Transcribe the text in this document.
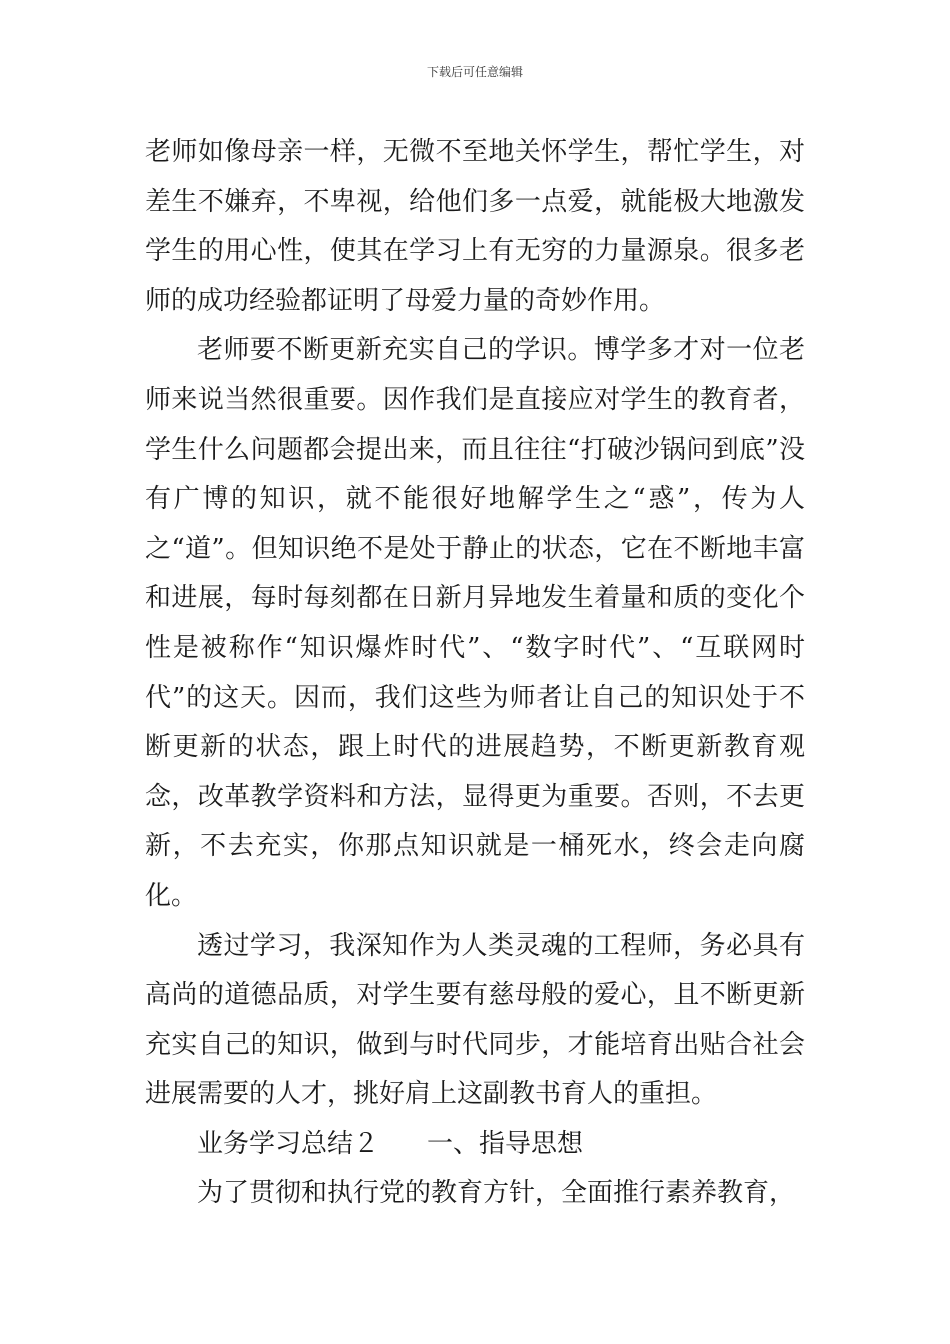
下载后可任意编辑

老师如像母亲一样，无微不至地关怀学生，帮忙学生，对差生不嫌弃，不卑视，给他们多一点爱，就能极大地激发学生的用心性，使其在学习上有无穷的力量源泉。很多老师的成功经验都证明了母爱力量的奇妙作用。

老师要不断更新充实自己的学识。博学多才对一位老师来说当然很重要。因作我们是直接应对学生的教育者，学生什么问题都会提出来，而且往往“打破沙锅问到底”没有广博的知识，就不能很好地解学生之“惑”，传为人之“道”。但知识绝不是处于静止的状态，它在不断地丰富和进展，每时每刻都在日新月异地发生着量和质的变化个性是被称作“知识爆炸时代”、“数字时代”、“互联网时代”的这天。因而，我们这些为师者让自己的知识处于不断更新的状态，跟上时代的进展趋势，不断更新教育观念，改革教学资料和方法，显得更为重要。否则，不去更新，不去充实，你那点知识就是一桶死水，终会走向腐化。

透过学习，我深知作为人类灵魂的工程师，务必具有高尚的道德品质，对学生要有慈母般的爱心，且不断更新充实自己的知识，做到与时代同步，才能培育出贴合社会进展需要的人才，挑好肩上这副教书育人的重担。

业务学习总结２ 一、指导思想

为了贯彻和执行党的教育方针，全面推行素养教育，
